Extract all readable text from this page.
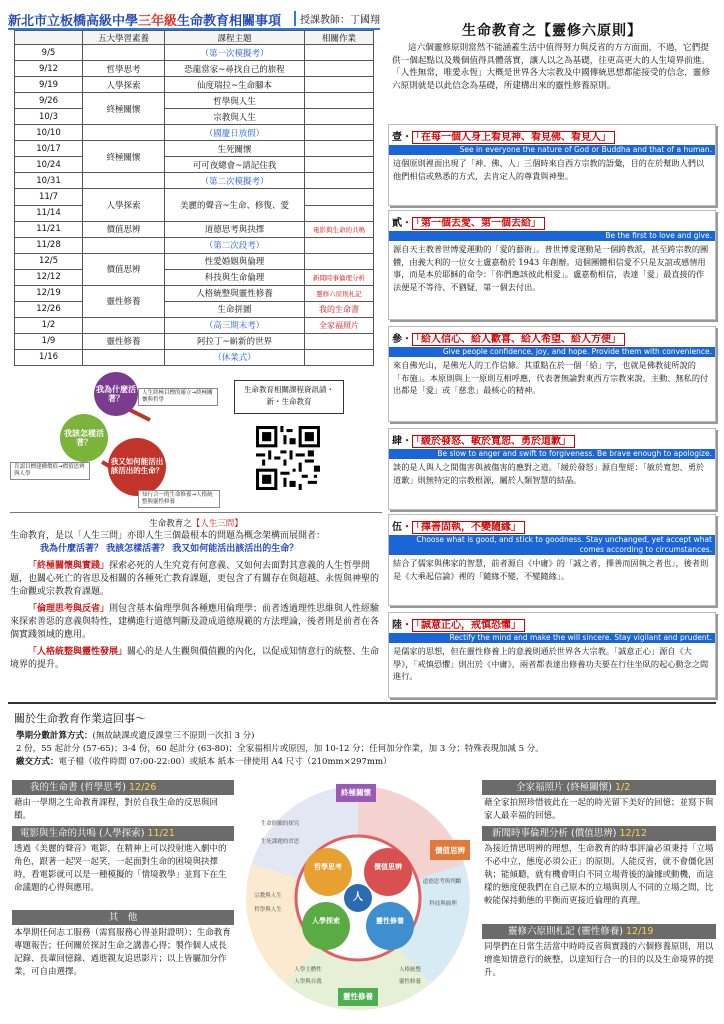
新北市立板橋高級中學三年級生命教育相關事項	授課教師：丁國翔
	五大學習素養	課程主題	相關作業
9/5		（第一次模擬考）	
9/12	哲學思考	恐龍當家~尋找自己的旅程	
9/19	人學探索	仙度瑞拉~生命腳本	
9/26	終極關懷	哲學與人生	
10/3		宗教與人生	
10/10		（國慶日放假）	
10/17	終極關懷	生死關懷	
10/24		可可夜總會~請記住我	
10/31		（第二次模擬考）	
11/7	人學探索	美麗的聲音~生命、修復、愛	
11/14			
11/21	價值思辨	道德思考與抉擇	電影與生命的共鳴
11/28		（第二次段考）	
12/5	價值思辨	性愛婚姻與倫理	
12/12		科技與生命倫理	新聞時事倫理分析
12/19	靈性修養	人格統整與靈性修養	靈修六原則札記
12/26		生命拼圖	我的生命書
1/2		（高三期末考）	全家福照片
1/9	靈性修養	阿拉丁~嶄新的世界	
1/16		（休業式）	
我為什麼活著？
我該怎樣活著？
我又如何能活出該活出的生命？
人生終極目標的確立→終極關懷與哲學
肯認目標建構價值→價值思辨與人學
知行合一的生命修養→人格統整與靈性修養
生命教育相關課程資訊請・新・生命教育
生命教育之【人生三問】
生命教育，是以「人生三問」亦即人生三個最根本的問題為概念架構而展開者：
我為什麼活著？ 我該怎樣活著？ 我又如何能活出該活出的生命？
「終極關懷與實踐」探索必死的人生究竟有何意義、又如何去面對其意義的人生哲學問題，也關心死亡的省思及相關的各種死亡教育課題，更包含了有關存在與超越、永恆與神聖的生命觀或宗教教育課題。
「倫理思考與反省」則包含基本倫理學與各種應用倫理學；前者透過理性思維與人性經驗來探索善惡的意義與特性，建構進行道德判斷及證成道德規範的方法理論，後者則是前者在各個實踐領域的應用。
「人格統整與靈性發展」關心的是人生觀與價值觀的內化，以促成知情意行的統整、生命境界的提升。
生命教育之【靈修六原則】
這六個靈修原則當然不能涵蓋生活中值得努力與反省的方方面面，不過，它們提供一個起點以及幾個值得具體落實，讓人以之為基礎，往更高更大的人生境界前進。「人性無常，唯愛永恆」大概是世界各大宗教及中國傳統思想都能接受的信念，靈修六原則就是以此信念為基礎，所建構出來的靈性修養原則。
壹・ 「在每一個人身上看見神、看見佛、看見人」
See in everyone the nature of God or Buddha and that of a human.
這個原則裡面出現了「神、佛、人」三個時來自西方宗教的語彙，目的在於幫助人們以他們相信或熟悉的方式，去肯定人的尊貴與神聖。
貳・ 「第一個去愛、第一個去給」
Be the first to love and give.
源自天主教普世博愛運動的「愛的藝術」。普世博愛運動是一個跨教派，甚至跨宗教的團體，由義大利的一位女士盧嘉勒於 1943 年創辦。這個團體相信愛不只是友誼或感情用事，而是本於耶穌的命令：「你們應該彼此相愛」。盧嘉勒相信，表達「愛」最直接的作法便是不等待、不猶疑，第一個去付出。
參・ 「給人信心、給人歡喜、給人希望、給人方便」
Give people confidence, joy, and hope. Provide them with convenience.
來自佛光山，是佛光人的工作信條。其重點在於一個「給」字，也就是佛教徒所說的「布施」。本原則與上一原則互相呼應，代表著無論對東西方宗教來說，主動、無私的付出都是「愛」或「慈悲」最核心的精神。
肆・ 「緩於發怒、敏於寬恕、勇於道歉」
Be slow to anger and swift to forgiveness. Be brave enough to apologize.
談的是人與人之間傷害與被傷害的應對之道。「緩於發怒」源自聖經：「敏於寬恕、勇於道歉」則無特定的宗教根源，屬於人類智慧的結晶。
伍・ 「擇善固執，不變隨緣」
Choose what is good, and stick to goodness. Stay unchanged, yet accept what comes according to circumstances.
結合了儒家與佛家的智慧，前者源自《中庸》的「誠之者，擇善而固執之者也」，後者則是《大乘起信論》裡的「隨緣不變，不變隨緣」。
陸・ 「誠意正心，戒慎恐懼」
Rectify the mind and make the will sincere. Stay vigilant and prudent.
是儒家的思想，但在靈性修養上的意義則通於世界各大宗教。「誠意正心」源自《大學》，「戒慎恐懼」則出於《中庸》，兩者都表達出修養功夫要在行住坐臥的起心動念之間進行。
關於生命教育作業這回事～
學期分數計算方式：(無故缺課或遺反課堂三不原則一次扣 3 分)
2 份，55 起計分 (57-65)；3-4 份，60 起計分 (63-80)；全家福相片或原因，加 10-12 分；任何加分作業，加 3 分；特殊表現加減 5 分。
繳交方式：電子檔（收件時間 07:00-22:00）或紙本 紙本一律使用 A4 尺寸（210mm×297mm）
我的生命書 (哲學思考) 12/26
藉由一學期之生命教育課程，對於自我生命的反思與回饋。
電影與生命的共鳴 (人學探索) 11/21
透過《美麗的聲音》電影，在精神上可以投射進入劇中的角色，跟著一起哭一起笑，一起面對生命的困境與抉擇時，看電影就可以是一種模擬的「情境教學」並寫下在生命議題的心得與應用。
其　他
本學期任何志工服務（需寫服務心得並附證明）；生命教育專題報告；任何關於探討生命之講書心得；製作個人成長記錄、長輩回憶錄、過逝親友追思影片；以上皆屬加分作業，可自由選擇。
全家福照片 (終極關懷) 1/2
藉全家拍照珍惜彼此在一起的時光留下美好的回憶；並寫下與家人最幸福的回憶。
新聞時事倫理分析 (價值思辨) 12/12
為接近情思明辨的理想，生命教育的時事評論必須秉持「立場不必中立，態度必須公正」的原則。人能反省，就不會僵化固執；能傾聽，就有機會明白不同立場背後的論據或動機，而這樣的態度便我們在自己原本的立場與別人不同的立場之間，比較能保持動態的平衡而更接近倫理的真理。
靈修六原則札記 (靈性修養) 12/19
同學們在日常生活當中時時反省與實踐的六個修養原則，用以增進知情意行的統整，以達知行合一的目的以及生命境界的提升。
人
哲學思考	價值思辨
靈性修養
人學探索
終極關懷
價值思辨
靈性修養
生命經驗的探究
生死課題的省思
宗教與人生
哲學與人生
道德思考與判斷
科技與倫理
人格統整
靈性修養
人學主體性
人學與自我
